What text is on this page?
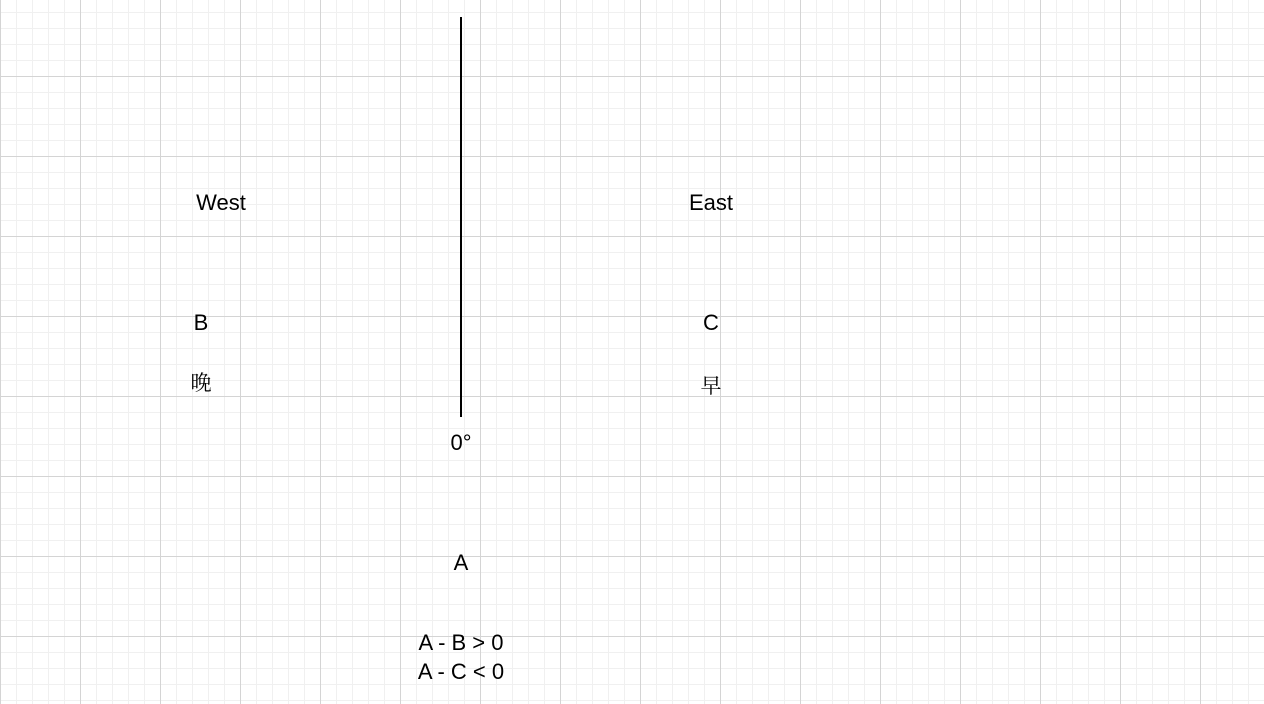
West	East
B	C
晚	早
0°
A
A - B > 0
A - C < 0
